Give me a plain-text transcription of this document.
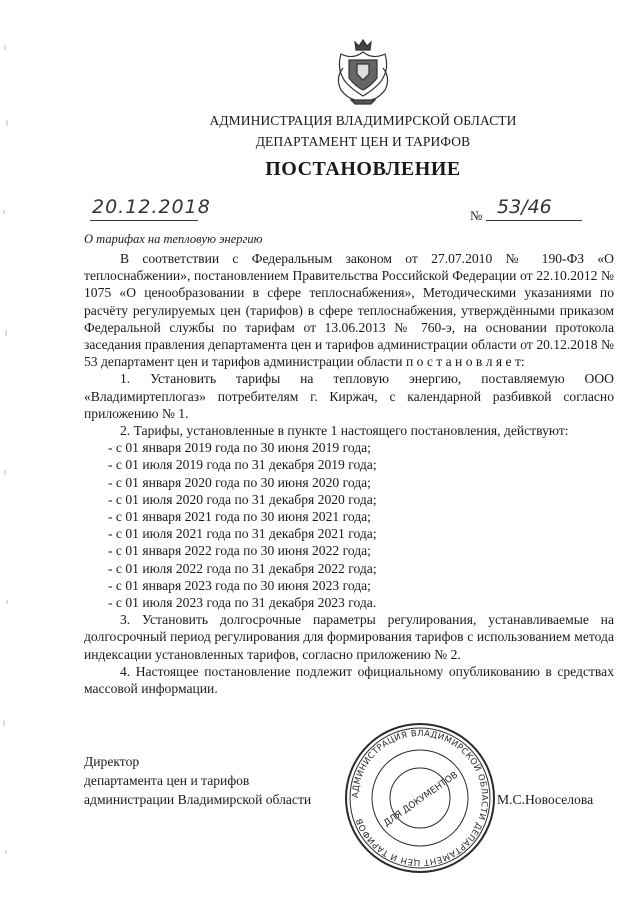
АДМИНИСТРАЦИЯ ВЛАДИМИРСКОЙ ОБЛАСТИ
ДЕПАРТАМЕНТ ЦЕН И ТАРИФОВ
ПОСТАНОВЛЕНИЕ
20.12.2018	№ 53/46
О тарифах на тепловую энергию

В соответствии с Федеральным законом от 27.07.2010 № 190-ФЗ «О теплоснабжении», постановлением Правительства Российской Федерации от 22.10.2012 № 1075 «О ценообразовании в сфере теплоснабжения», Методическими указаниями по расчёту регулируемых цен (тарифов) в сфере теплоснабжения, утверждёнными приказом Федеральной службы по тарифам от 13.06.2013 № 760-э, на основании протокола заседания правления департамента цен и тарифов администрации области от 20.12.2018 № 53 департамент цен и тарифов администрации области п о с т а н о в л я е т:

1. Установить тарифы на тепловую энергию, поставляемую ООО «Владимиртеплогаз» потребителям г. Киржач, с календарной разбивкой согласно приложению № 1.

2. Тарифы, установленные в пункте 1 настоящего постановления, действуют:

- с 01 января 2019 года по 30 июня 2019 года;

- с 01 июля 2019 года по 31 декабря 2019 года;

- с 01 января 2020 года по 30 июня 2020 года;

- с 01 июля 2020 года по 31 декабря 2020 года;

- с 01 января 2021 года по 30 июня 2021 года;

- с 01 июля 2021 года по 31 декабря 2021 года;

- с 01 января 2022 года по 30 июня 2022 года;

- с 01 июля 2022 года по 31 декабря 2022 года;

- с 01 января 2023 года по 30 июня 2023 года;

- с 01 июля 2023 года по 31 декабря 2023 года.

3. Установить долгосрочные параметры регулирования, устанавливаемые на долгосрочный период регулирования для формирования тарифов с использованием метода индексации установленных тарифов, согласно приложению № 2.

4. Настоящее постановление подлежит официальному опубликованию в средствах массовой информации.

Директор
департамента цен и тарифов
администрации Владимирской области	АДМИНИСТРАЦИЯ ВЛАДИМИРСКОЙ ОБЛАСТИ ДЕПАРТАМЕНТ ЦЕН И ТАРИФОВ	ДЛЯ ДОКУМЕНТОВ	М.С.Новоселова
